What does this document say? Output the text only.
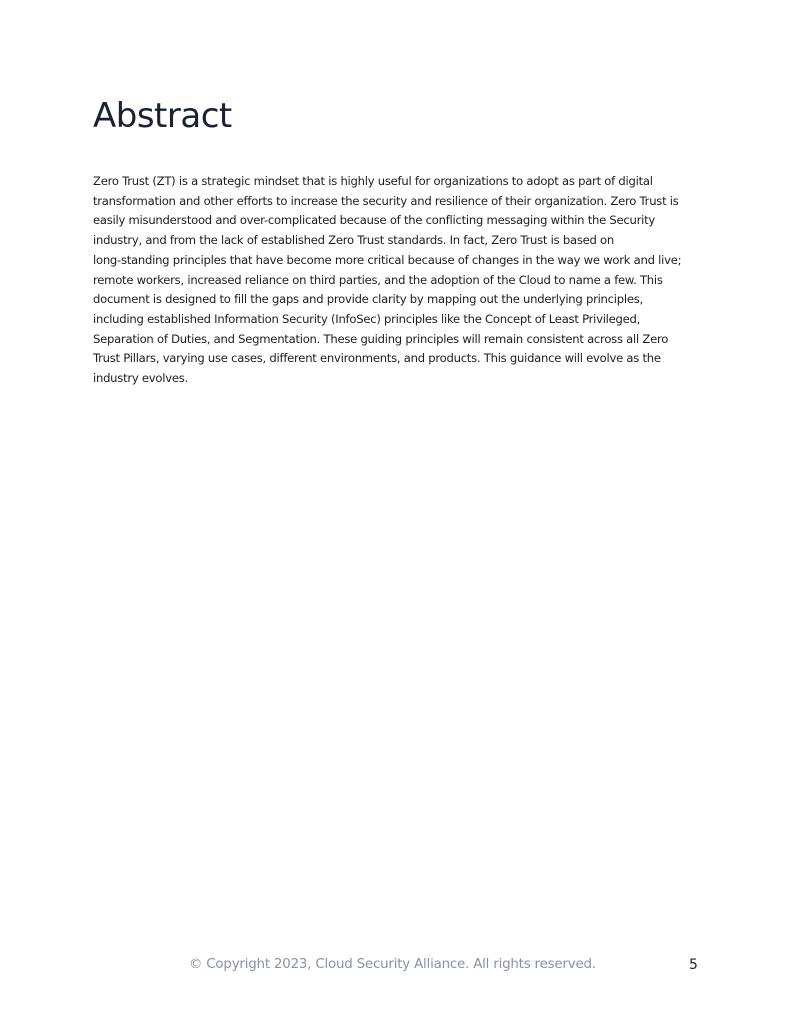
Abstract

Zero Trust (ZT) is a strategic mindset that is highly useful for organizations to adopt as part of digital
transformation and other efforts to increase the security and resilience of their organization. Zero Trust is
easily misunderstood and over-complicated because of the conflicting messaging within the Security
industry, and from the lack of established Zero Trust standards. In fact, Zero Trust is based on
long-standing principles that have become more critical because of changes in the way we work and live;
remote workers, increased reliance on third parties, and the adoption of the Cloud to name a few. This
document is designed to fill the gaps and provide clarity by mapping out the underlying principles,
including established Information Security (InfoSec) principles like the Concept of Least Privileged,
Separation of Duties, and Segmentation. These guiding principles will remain consistent across all Zero
Trust Pillars, varying use cases, different environments, and products. This guidance will evolve as the
industry evolves.

© Copyright 2023, Cloud Security Alliance. All rights reserved.	5
